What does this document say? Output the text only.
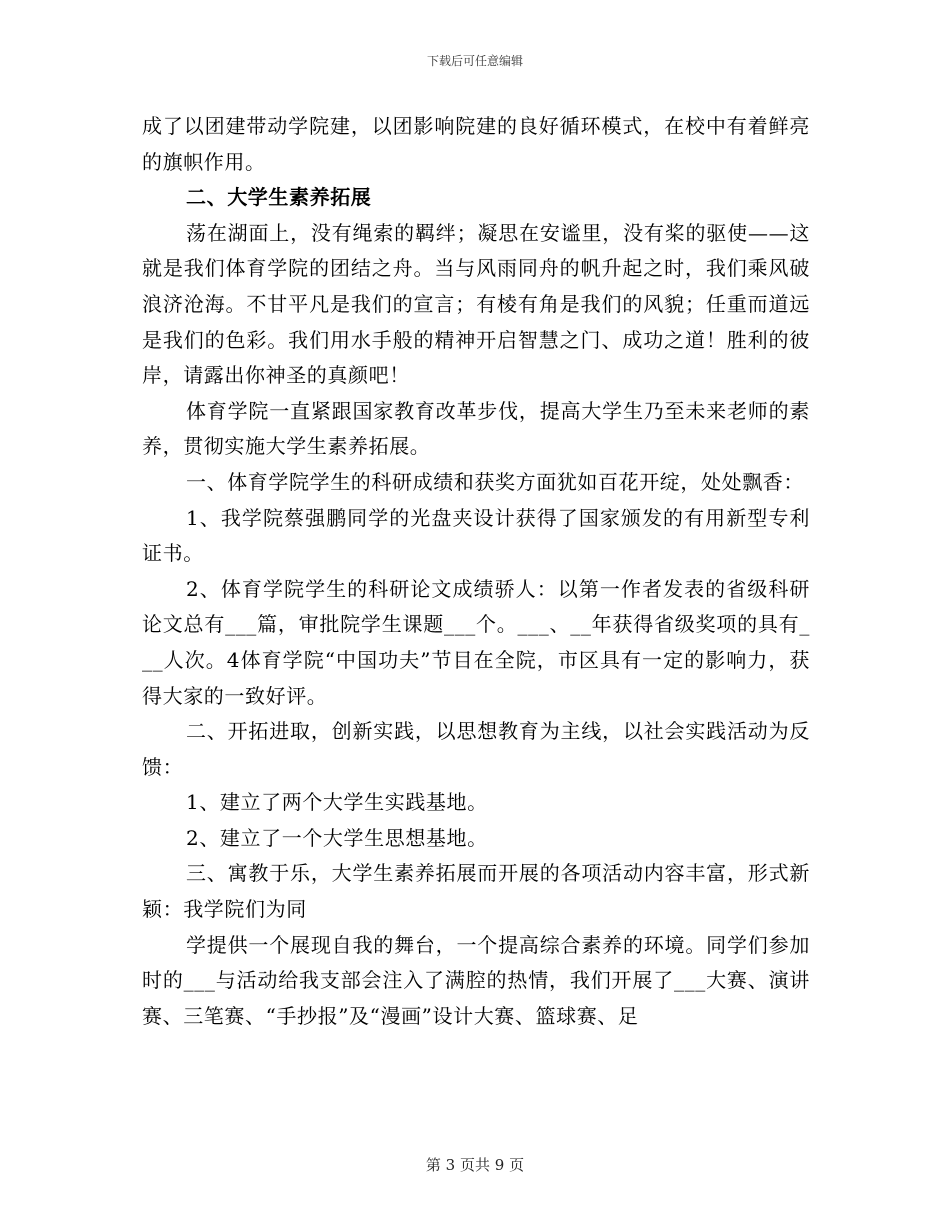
下载后可任意编辑

成了以团建带动学院建，以团影响院建的良好循环模式，在校中有着鲜亮的旗帜作用。

二、大学生素养拓展

荡在湖面上，没有绳索的羁绊；凝思在安谧里，没有桨的驱使——这就是我们体育学院的团结之舟。当与风雨同舟的帆升起之时，我们乘风破浪济沧海。不甘平凡是我们的宣言；有棱有角是我们的风貌；任重而道远是我们的色彩。我们用水手般的精神开启智慧之门、成功之道！胜利的彼岸，请露出你神圣的真颜吧！

体育学院一直紧跟国家教育改革步伐，提高大学生乃至未来老师的素养，贯彻实施大学生素养拓展。

一、体育学院学生的科研成绩和获奖方面犹如百花开绽，处处飘香：

1、我学院蔡强鹏同学的光盘夹设计获得了国家颁发的有用新型专利证书。

2、体育学院学生的科研论文成绩骄人：以第一作者发表的省级科研论文总有___篇，审批院学生课题___个。___、__年获得省级奖项的具有___人次。4体育学院“中国功夫”节目在全院，市区具有一定的影响力，获得大家的一致好评。

二、开拓进取，创新实践，以思想教育为主线，以社会实践活动为反馈：

1、建立了两个大学生实践基地。

2、建立了一个大学生思想基地。

三、寓教于乐，大学生素养拓展而开展的各项活动内容丰富，形式新颖：我学院们为同

学提供一个展现自我的舞台，一个提高综合素养的环境。同学们参加时的___与活动给我支部会注入了满腔的热情，我们开展了___大赛、演讲赛、三笔赛、“手抄报”及“漫画”设计大赛、篮球赛、足

第 3 页共 9 页
